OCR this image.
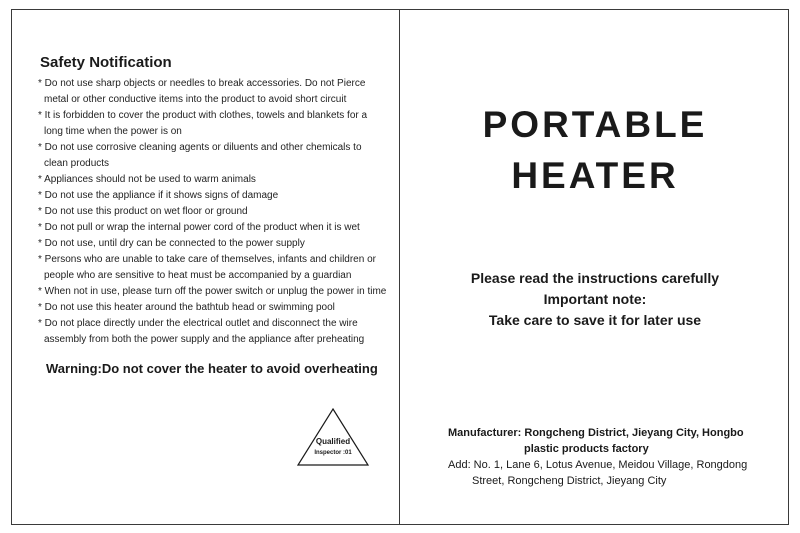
Safety Notification
* Do not use sharp objects or needles to break accessories. Do not Pierce metal or other conductive items into the product to avoid short circuit
* It is forbidden to cover the product with clothes, towels and blankets for a long time when the power is on
* Do not use corrosive cleaning agents or diluents and other chemicals to clean products
* Appliances should not be used to warm animals
* Do not use the appliance if it shows signs of damage
* Do not use this product on wet floor or ground
* Do not pull or wrap the internal power cord of the product when it is wet
* Do not use, until dry can be connected to the power supply
* Persons who are unable to take care of themselves, infants and children or people who are sensitive to heat must be accompanied by a guardian
* When not in use, please turn off the power switch or unplug the power in time
* Do not use this heater around the bathtub head or swimming pool
* Do not place directly under the electrical outlet and disconnect the wire assembly from both the power supply and the appliance after preheating
Warning:Do not cover the heater to avoid overheating
Qualified
Inspector :01
PORTABLE
HEATER
Please read the instructions carefully
Important note:
Take care to save it for later use
Manufacturer: Rongcheng District, Jieyang City, Hongbo
plastic products factory
Add: No. 1, Lane 6, Lotus Avenue, Meidou Village, Rongdong
Street, Rongcheng District, Jieyang City
